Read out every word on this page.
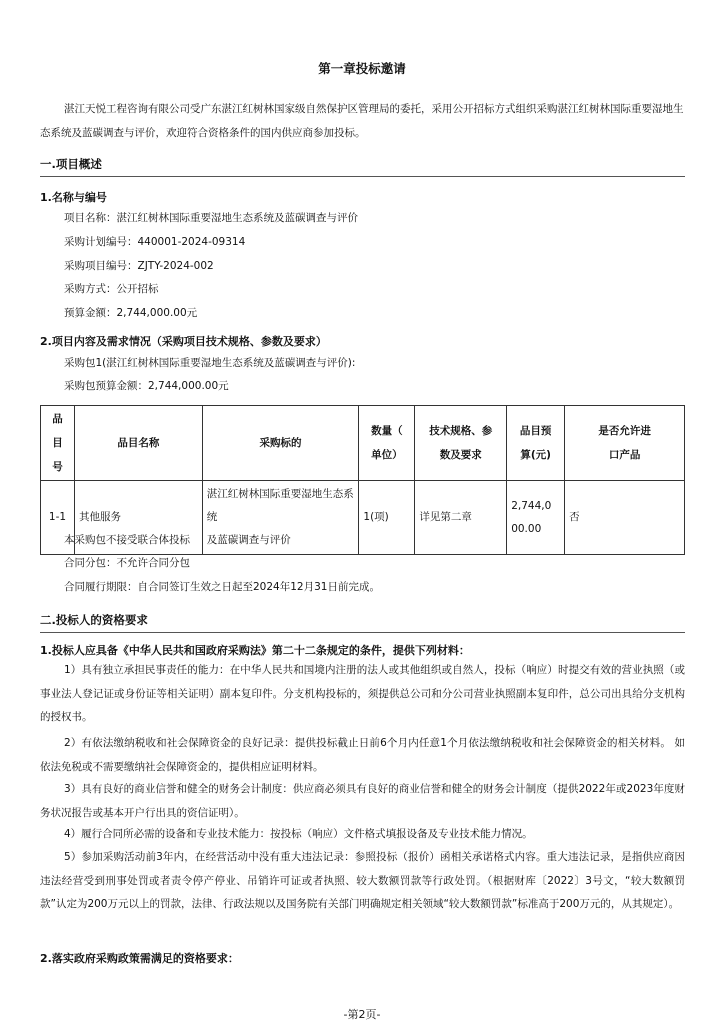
第一章投标邀请
湛江天悦工程咨询有限公司受广东湛江红树林国家级自然保护区管理局的委托，采用公开招标方式组织采购湛江红树林国际重要湿地生态系统及蓝碳调查与评价，欢迎符合资格条件的国内供应商参加投标。
一.项目概述
1.名称与编号
项目名称：湛江红树林国际重要湿地生态系统及蓝碳调查与评价
采购计划编号：440001-2024-09314
采购项目编号：ZJTY-2024-002
采购方式：公开招标
预算金额：2,744,000.00元
2.项目内容及需求情况（采购项目技术规格、参数及要求）
采购包1(湛江红树林国际重要湿地生态系统及蓝碳调查与评价):
采购包预算金额：2,744,000.00元
品
目
号	品目名称	采购标的	数量（
单位）	技术规格、参
数及要求	品目预
算(元)	是否允许进
口产品
1-1	其他服务	湛江红树林国际重要湿地生态系统
及蓝碳调查与评价	1(项)	详见第二章	2,744,0
00.00	否
本采购包不接受联合体投标
合同分包：不允许合同分包
合同履行期限：自合同签订生效之日起至2024年12月31日前完成。
二.投标人的资格要求
1.投标人应具备《中华人民共和国政府采购法》第二十二条规定的条件，提供下列材料：
1）具有独立承担民事责任的能力：在中华人民共和国境内注册的法人或其他组织或自然人，投标（响应）时提交有效的营业执照（或事业法人登记证或身份证等相关证明）副本复印件。分支机构投标的，须提供总公司和分公司营业执照副本复印件，总公司出具给分支机构的授权书。
2）有依法缴纳税收和社会保障资金的良好记录：提供投标截止日前6个月内任意1个月依法缴纳税收和社会保障资金的相关材料。 如依法免税或不需要缴纳社会保障资金的，提供相应证明材料。
3）具有良好的商业信誉和健全的财务会计制度：供应商必须具有良好的商业信誉和健全的财务会计制度（提供2022年或2023年度财务状况报告或基本开户行出具的资信证明）。
4）履行合同所必需的设备和专业技术能力：按投标（响应）文件格式填报设备及专业技术能力情况。
5）参加采购活动前3年内，在经营活动中没有重大违法记录：参照投标（报价）函相关承诺格式内容。重大违法记录，是指供应商因违法经营受到刑事处罚或者责令停产停业、吊销许可证或者执照、较大数额罚款等行政处罚。（根据财库〔2022〕3号文，“较大数额罚款”认定为200万元以上的罚款，法律、行政法规以及国务院有关部门明确规定相关领域“较大数额罚款”标准高于200万元的，从其规定）。
2.落实政府采购政策需满足的资格要求：
-第2页-
